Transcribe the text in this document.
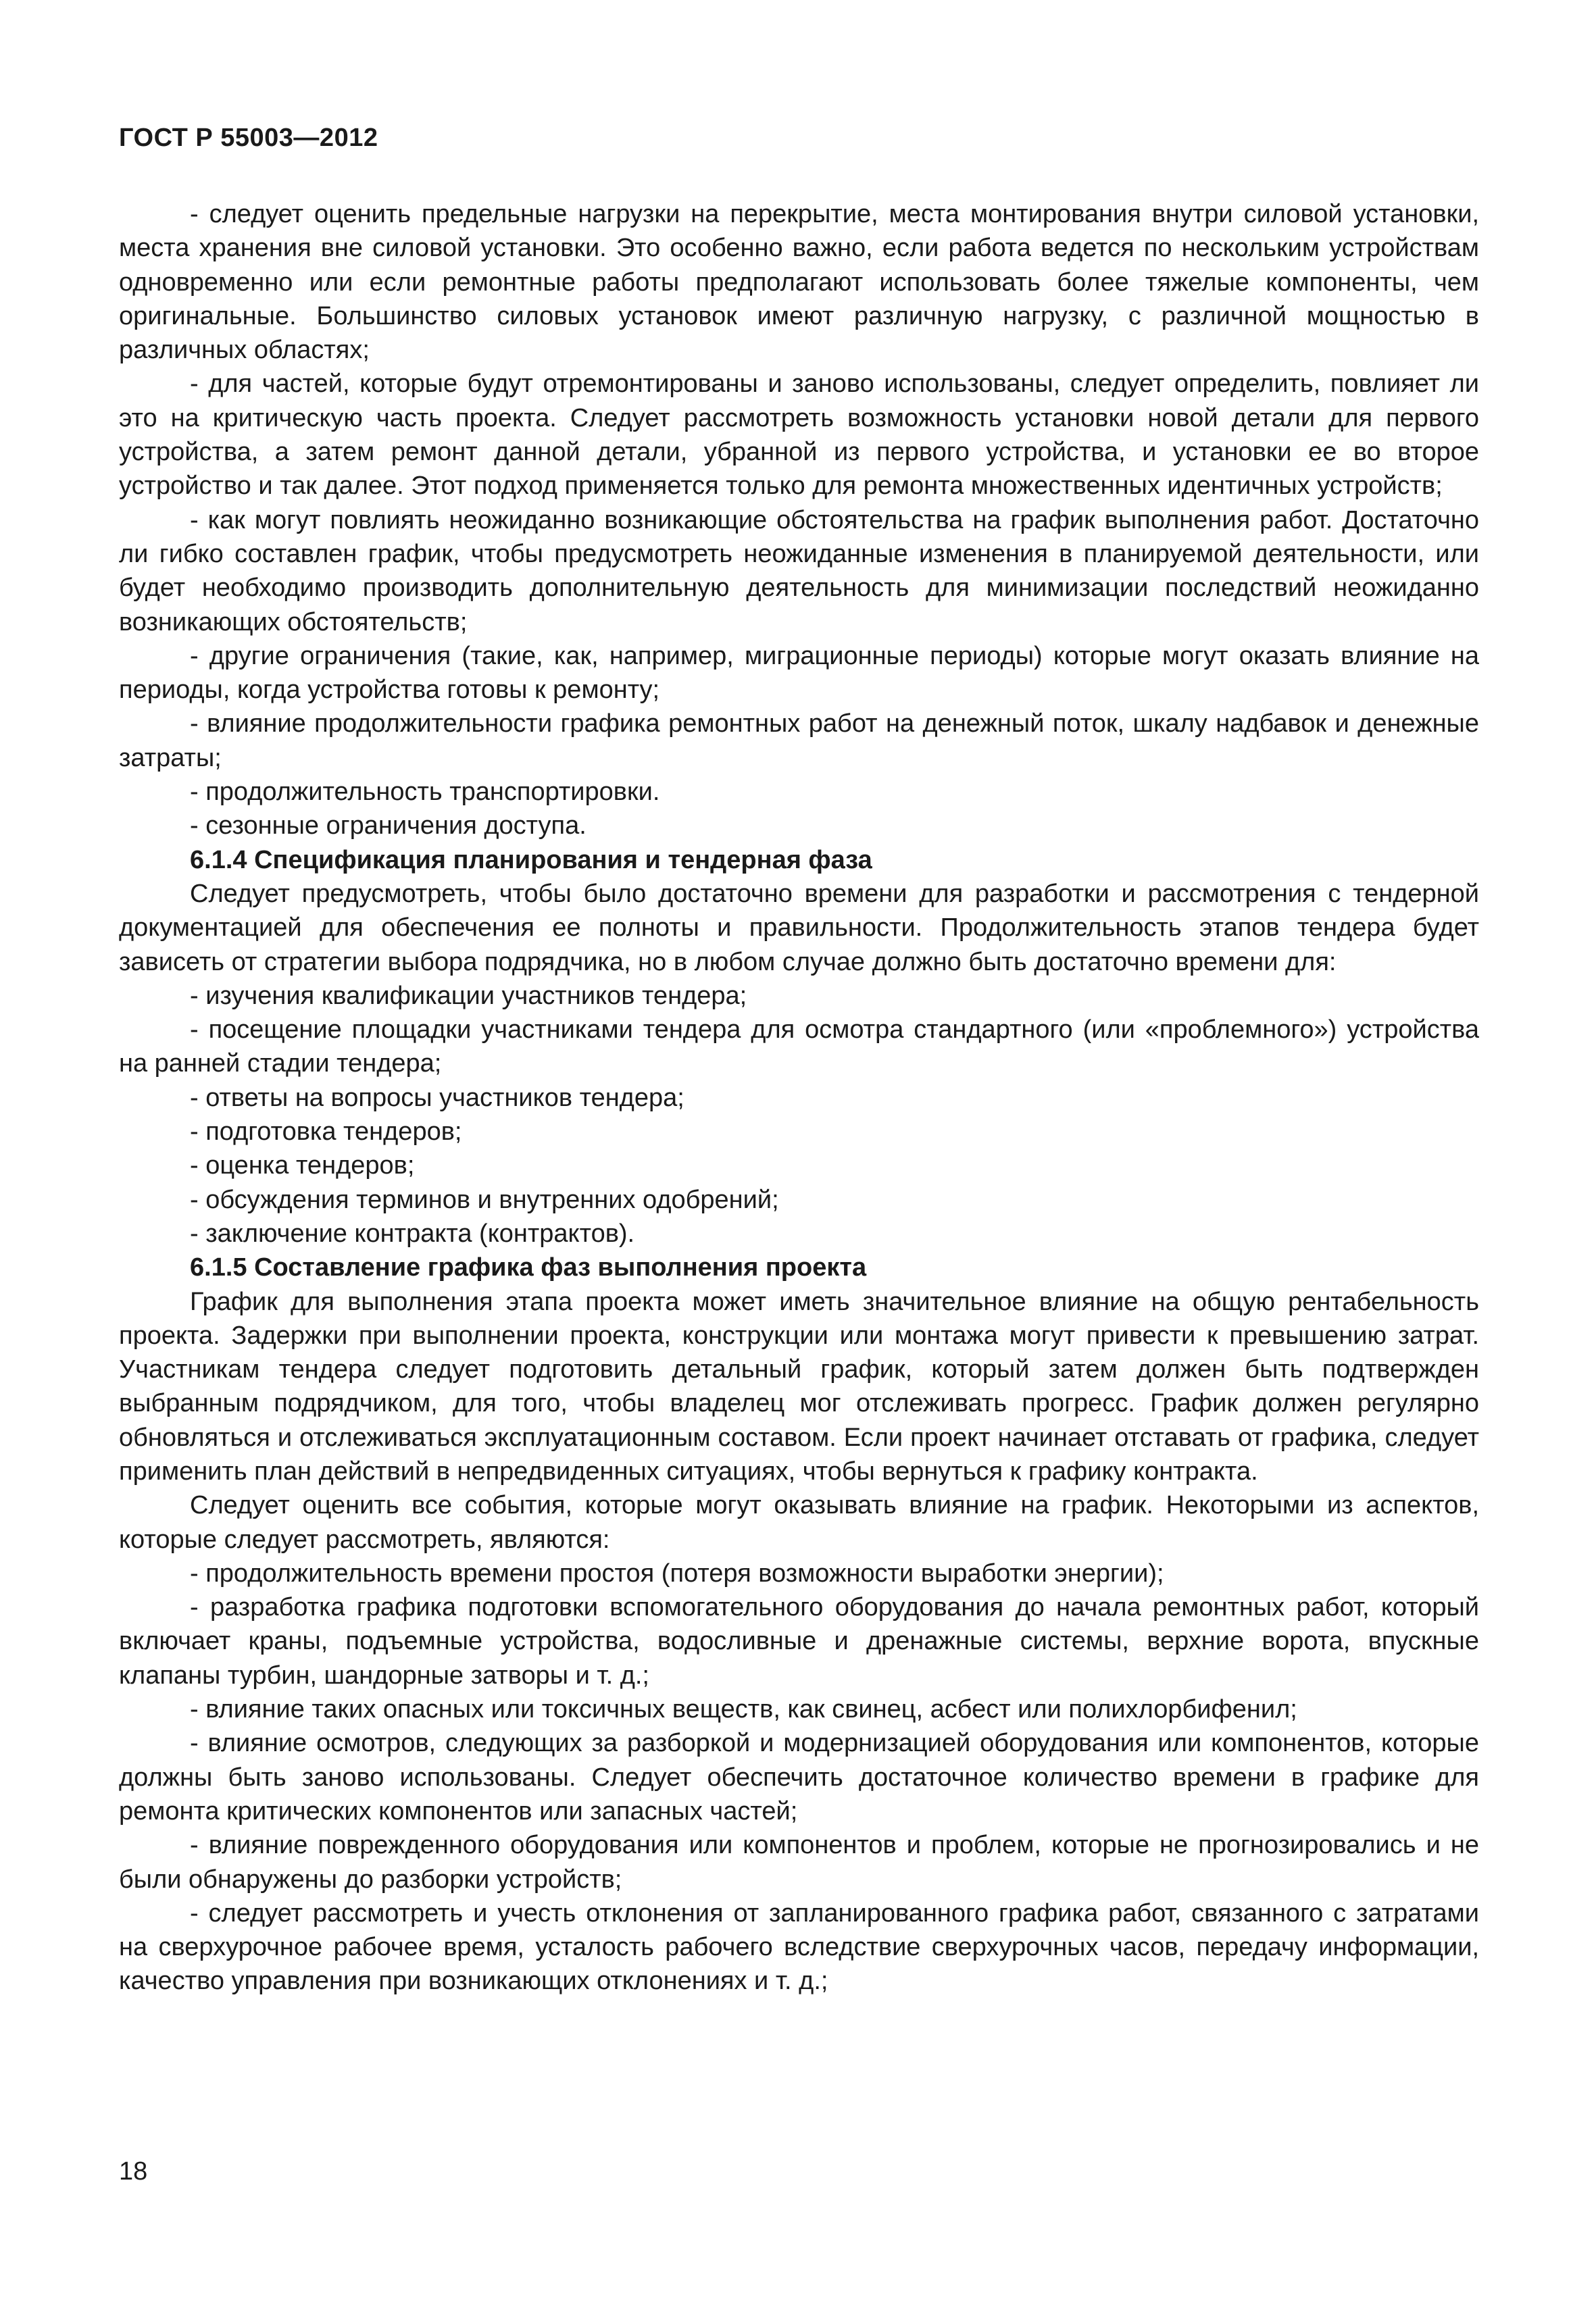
ГОСТ Р 55003—2012

- следует оценить предельные нагрузки на перекрытие, места монтирования внутри силовой установки, места хранения вне силовой установки. Это особенно важно, если работа ведется по нескольким устройствам одновременно или если ремонтные работы предполагают использовать более тяжелые компоненты, чем оригинальные. Большинство силовых установок имеют различную нагрузку, с различной мощностью в различных областях;

- для частей, которые будут отремонтированы и заново использованы, следует определить, повлияет ли это на критическую часть проекта. Следует рассмотреть возможность установки новой детали для первого устройства, а затем ремонт данной детали, убранной из первого устройства, и установки ее во второе устройство и так далее. Этот подход применяется только для ремонта множественных идентичных устройств;

- как могут повлиять неожиданно возникающие обстоятельства на график выполнения работ. Достаточно ли гибко составлен график, чтобы предусмотреть неожиданные изменения в планируемой деятельности, или будет необходимо производить дополнительную деятельность для минимизации последствий неожиданно возникающих обстоятельств;

- другие ограничения (такие, как, например, миграционные периоды) которые могут оказать влияние на периоды, когда устройства готовы к ремонту;

- влияние продолжительности графика ремонтных работ на денежный поток, шкалу надбавок и денежные затраты;

- продолжительность транспортировки.

- сезонные ограничения доступа.

6.1.4 Спецификация планирования и тендерная фаза

Следует предусмотреть, чтобы было достаточно времени для разработки и рассмотрения с тендерной документацией для обеспечения ее полноты и правильности. Продолжительность этапов тендера будет зависеть от стратегии выбора подрядчика, но в любом случае должно быть достаточно времени для:

- изучения квалификации участников тендера;

- посещение площадки участниками тендера для осмотра стандартного (или «проблемного») устройства на ранней стадии тендера;

- ответы на вопросы участников тендера;

- подготовка тендеров;

- оценка тендеров;

- обсуждения терминов и внутренних одобрений;

- заключение контракта (контрактов).

6.1.5 Составление графика фаз выполнения проекта

График для выполнения этапа проекта может иметь значительное влияние на общую рентабельность проекта. Задержки при выполнении проекта, конструкции или монтажа могут привести к превышению затрат. Участникам тендера следует подготовить детальный график, который затем должен быть подтвержден выбранным подрядчиком, для того, чтобы владелец мог отслеживать прогресс. График должен регулярно обновляться и отслеживаться эксплуатационным составом. Если проект начинает отставать от графика, следует применить план действий в непредвиденных ситуациях, чтобы вернуться к графику контракта.

Следует оценить все события, которые могут оказывать влияние на график. Некоторыми из аспектов, которые следует рассмотреть, являются:

- продолжительность времени простоя (потеря возможности выработки энергии);

- разработка графика подготовки вспомогательного оборудования до начала ремонтных работ, который включает краны, подъемные устройства, водосливные и дренажные системы, верхние ворота, впускные клапаны турбин, шандорные затворы и т. д.;

- влияние таких опасных или токсичных веществ, как свинец, асбест или полихлорбифенил;

- влияние осмотров, следующих за разборкой и модернизацией оборудования или компонентов, которые должны быть заново использованы. Следует обеспечить достаточное количество времени в графике для ремонта критических компонентов или запасных частей;

- влияние поврежденного оборудования или компонентов и проблем, которые не прогнозировались и не были обнаружены до разборки устройств;

- следует рассмотреть и учесть отклонения от запланированного графика работ, связанного с затратами на сверхурочное рабочее время, усталость рабочего вследствие сверхурочных часов, передачу информации, качество управления при возникающих отклонениях и т. д.;

18
